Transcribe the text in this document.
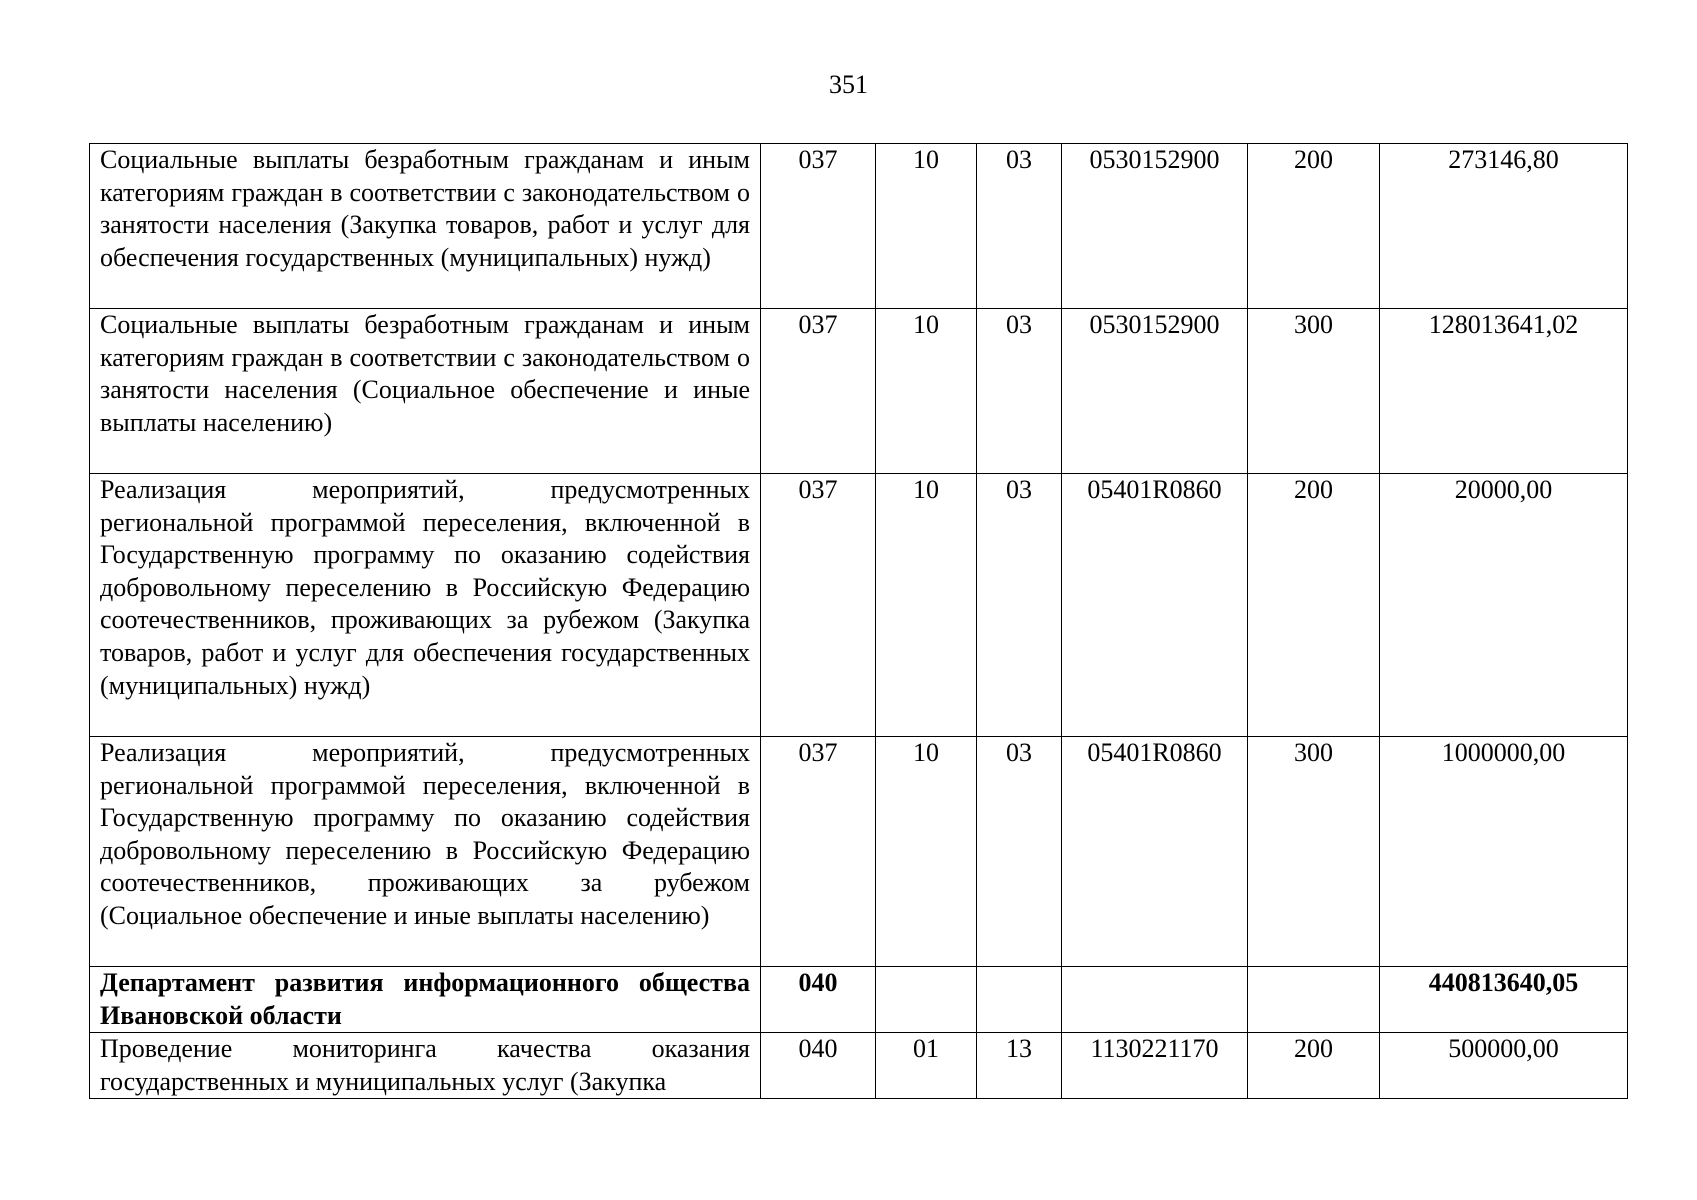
351
Социальные выплаты безработным гражданам и иным категориям граждан в соответствии с законодательством о занятости населения (Закупка товаров, работ и услуг для обеспечения государственных (муниципальных) нужд)	037	10	03	0530152900	200	273146,80
Социальные выплаты безработным гражданам и иным категориям граждан в соответствии с законодательством о занятости населения (Социальное обеспечение и иные выплаты населению)	037	10	03	0530152900	300	128013641,02
Реализация мероприятий, предусмотренных региональной программой переселения, включенной в Государственную программу по оказанию содействия добровольному переселению в Российскую Федерацию соотечественников, проживающих за рубежом (Закупка товаров, работ и услуг для обеспечения государственных (муниципальных) нужд)	037	10	03	05401R0860	200	20000,00
Реализация мероприятий, предусмотренных региональной программой переселения, включенной в Государственную программу по оказанию содействия добровольному переселению в Российскую Федерацию соотечественников, проживающих за рубежом (Социальное обеспечение и иные выплаты населению)	037	10	03	05401R0860	300	1000000,00
Департамент развития информационного общества Ивановской области	040					440813640,05
Проведение мониторинга качества оказания государственных и муниципальных услуг (Закупка	040	01	13	1130221170	200	500000,00
